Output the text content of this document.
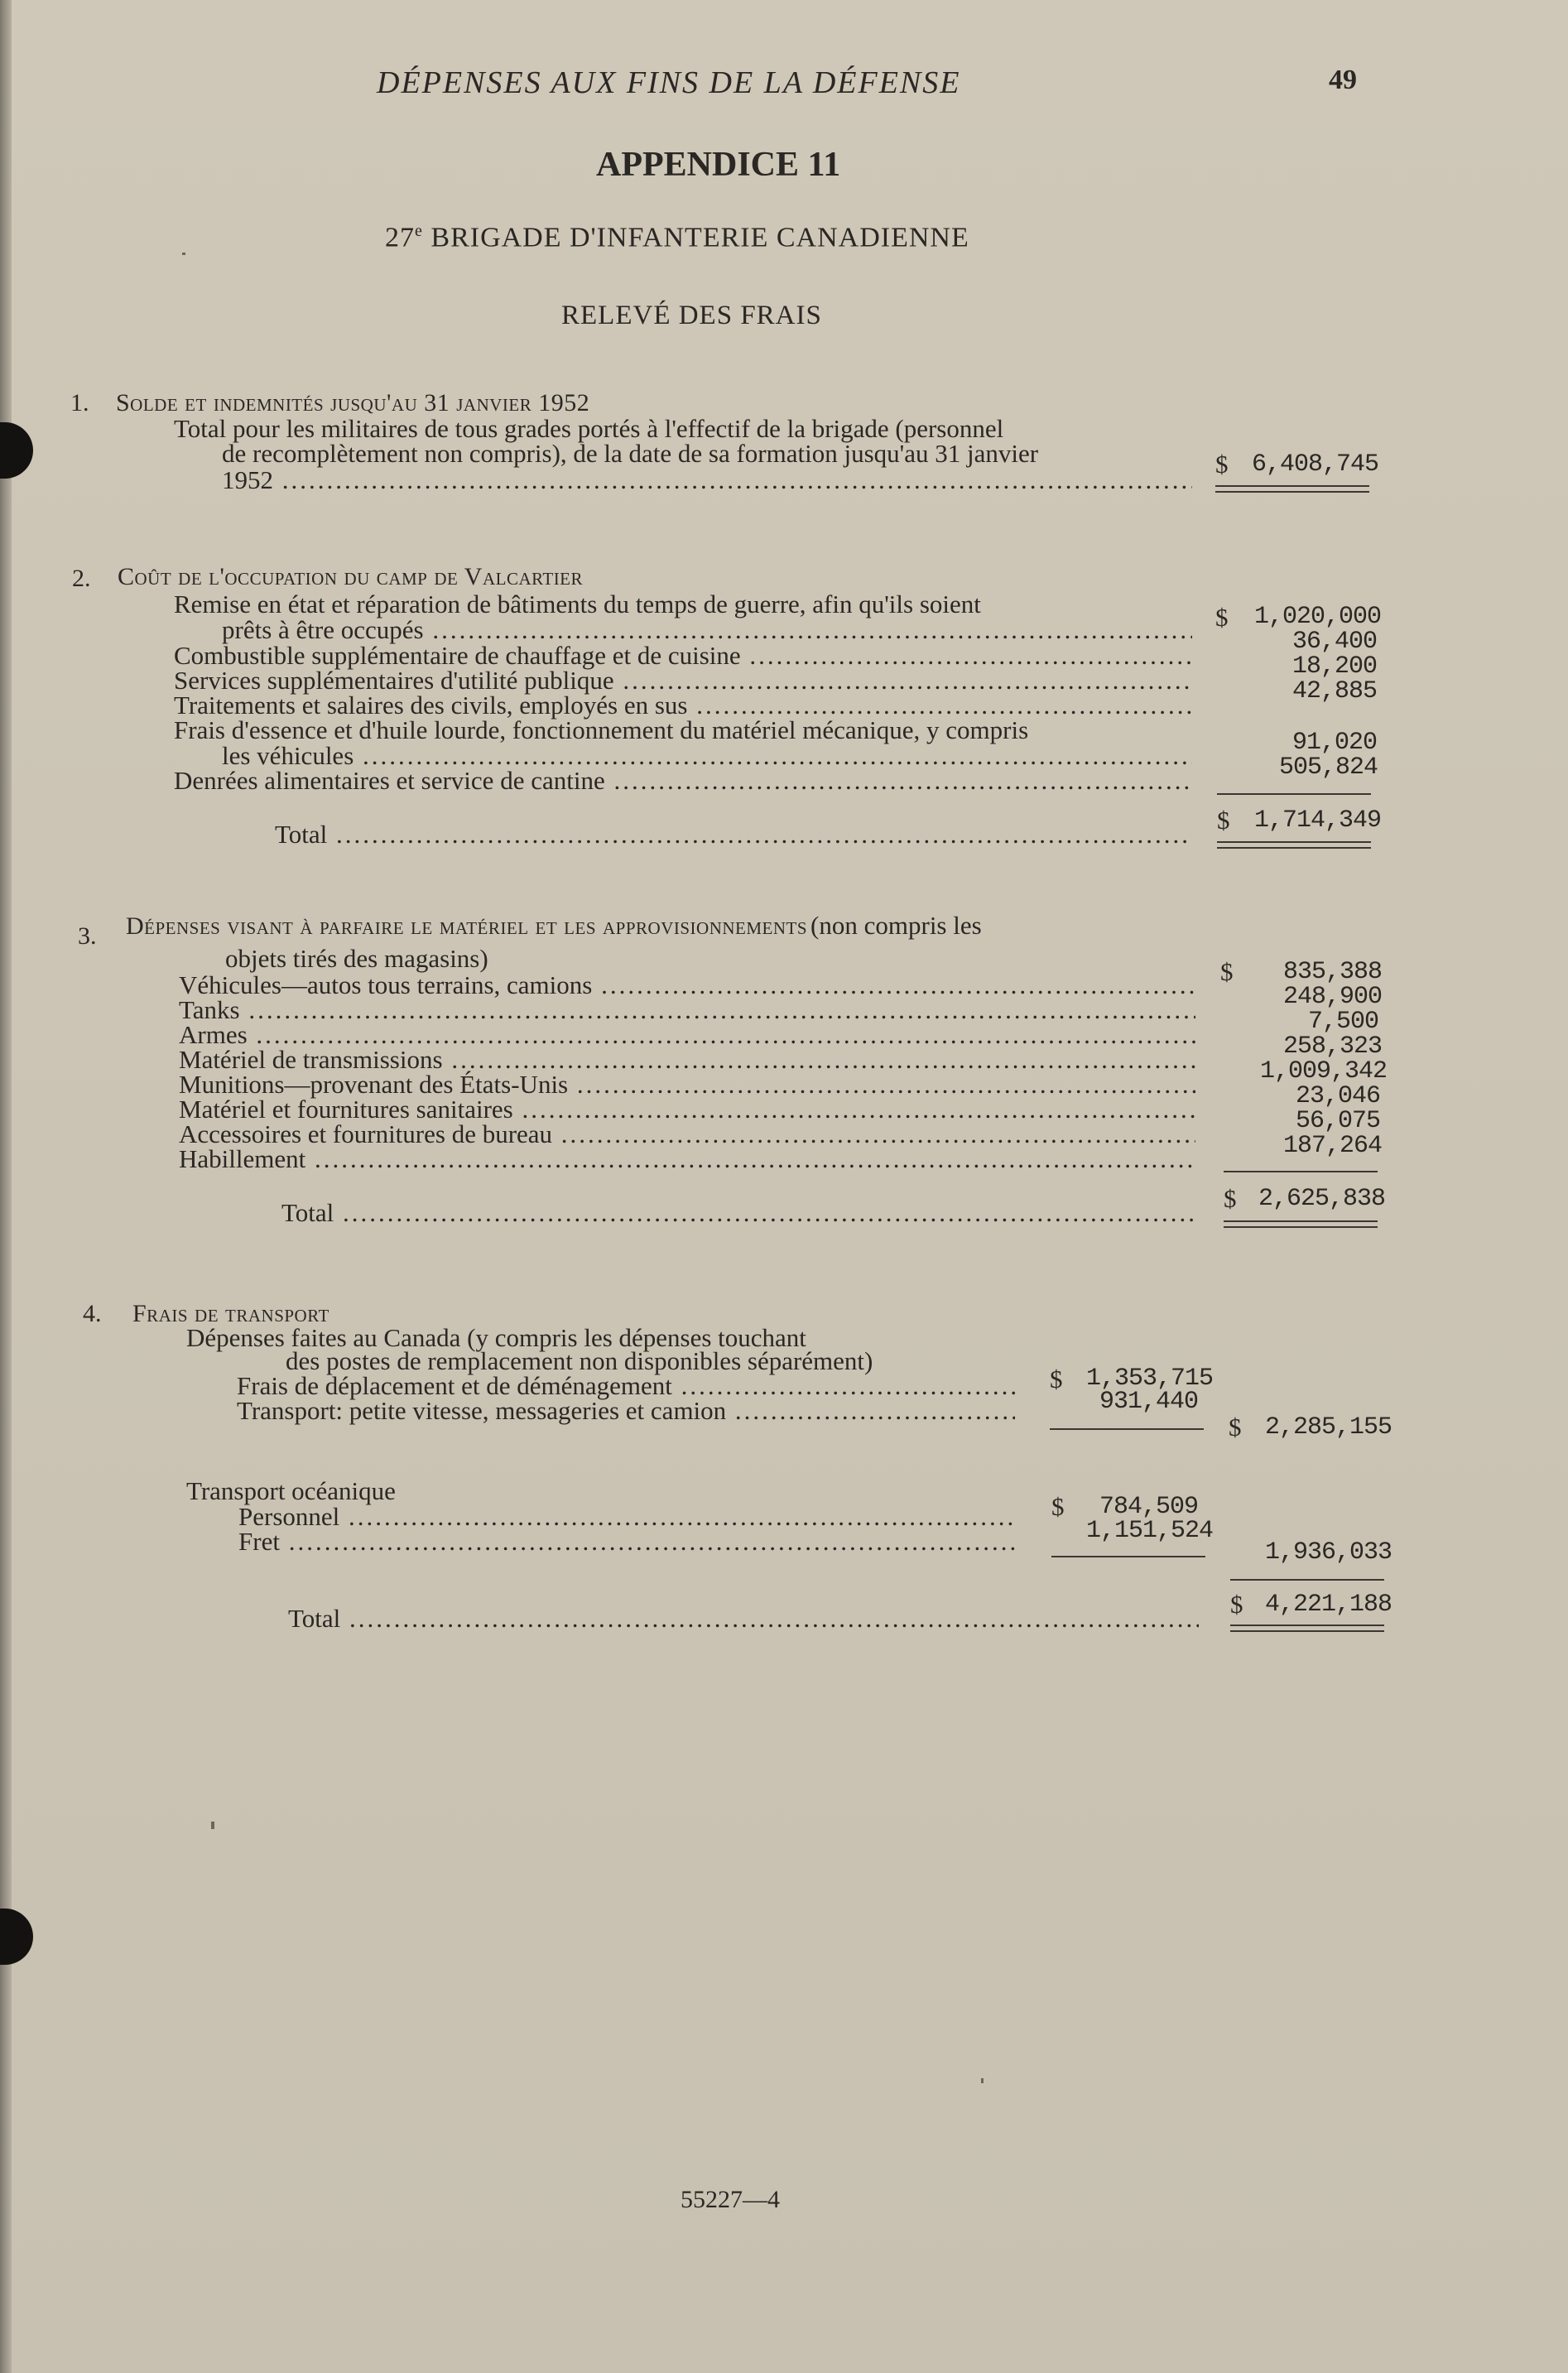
DÉPENSES AUX FINS DE LA DÉFENSE	49
APPENDICE 11
27e BRIGADE D'INFANTERIE CANADIENNE
RELEVÉ DES FRAIS
1. Solde et indemnités jusqu'au 31 janvier 1952
Total pour les militaires de tous grades portés à l'effectif de la brigade (personnel
de recomplètement non compris), de la date de sa formation jusqu'au 31 janvier
1952 .....
$ 6,408,745
2. Coût de l'occupation du camp de Valcartier
Remise en état et réparation de bâtiments du temps de guerre, afin qu'ils soient
prêts à être occupés .....	$ 1,020,000
Combustible supplémentaire de chauffage et de cuisine .....	36,400
Services supplémentaires d'utilité publique .....	18,200
Traitements et salaires des civils, employés en sus .....	42,885
Frais d'essence et d'huile lourde, fonctionnement du matériel mécanique, y compris
les véhicules .....	91,020
Denrées alimentaires et service de cantine .....	505,824
Total .....	$ 1,714,349
3. Dépenses visant à parfaire le matériel et les approvisionnements (non compris les
objets tirés des magasins)
Véhicules—autos tous terrains, camions .....	$ 835,388
Tanks .....	248,900
Armes .....	7,500
Matériel de transmissions .....	258,323
Munitions—provenant des États-Unis .....	1,009,342
Matériel et fournitures sanitaires .....	23,046
Accessoires et fournitures de bureau .....	56,075
Habillement .....	187,264
Total .....	$ 2,625,838
4. Frais de transport
Dépenses faites au Canada (y compris les dépenses touchant
des postes de remplacement non disponibles séparément)
Frais de déplacement et de déménagement .....	$ 1,353,715
Transport: petite vitesse, messageries et camion .....	931,440
$ 2,285,155
Transport océanique
Personnel .....	$ 784,509
Fret .....	1,151,524
1,936,033
Total .....	$ 4,221,188
55227—4
